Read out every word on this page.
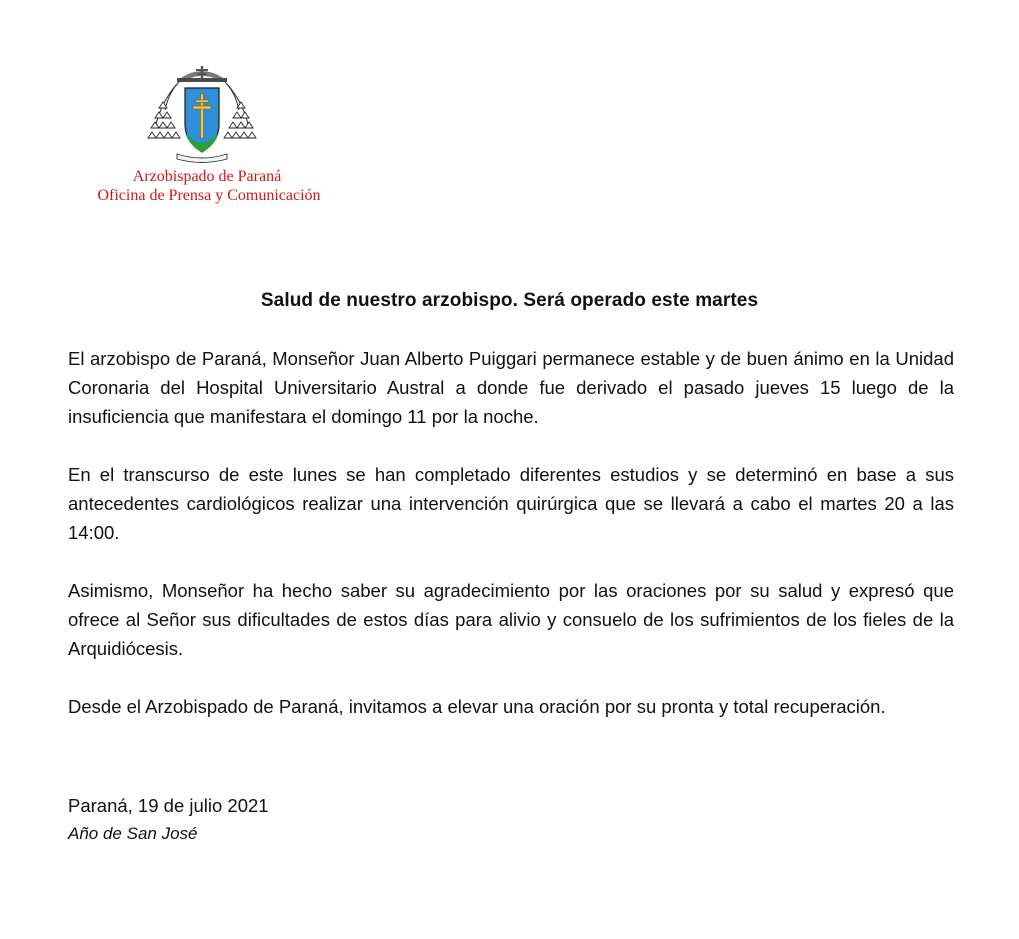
Arzobispado de Paraná
Oficina de Prensa y Comunicación
Salud de nuestro arzobispo. Será operado este martes

El arzobispo de Paraná, Monseñor Juan Alberto Puiggari permanece estable y de buen ánimo en la Unidad Coronaria del Hospital Universitario Austral a donde fue derivado el pasado jueves 15 luego de la insuficiencia que manifestara el domingo 11 por la noche.

En el transcurso de este lunes se han completado diferentes estudios y se determinó en base a sus antecedentes cardiológicos realizar una intervención quirúrgica que se llevará a cabo el martes 20 a las 14:00.

Asimismo, Monseñor ha hecho saber su agradecimiento por las oraciones por su salud y expresó que ofrece al Señor sus dificultades de estos días para alivio y consuelo de los sufrimientos de los fieles de la Arquidiócesis.

Desde el Arzobispado de Paraná, invitamos a elevar una oración por su pronta y total recuperación.

Paraná, 19 de julio 2021
Año de San José
